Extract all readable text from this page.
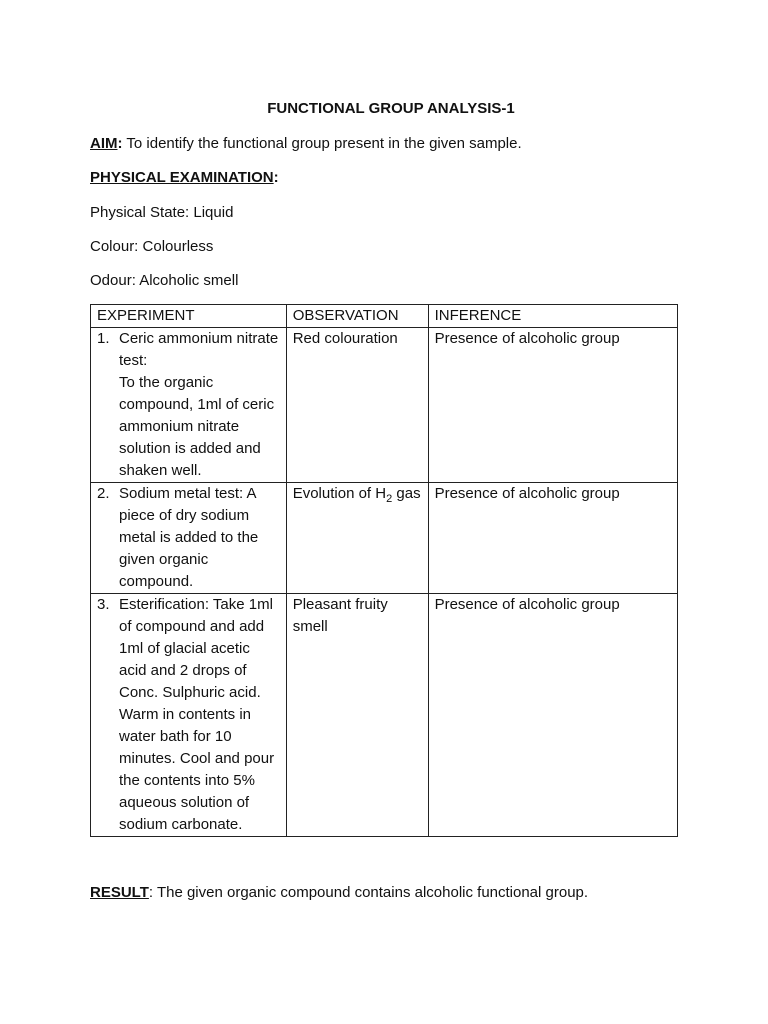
FUNCTIONAL GROUP ANALYSIS-1
AIM: To identify the functional group present in the given sample.
PHYSICAL EXAMINATION:
Physical State: Liquid
Colour: Colourless
Odour: Alcoholic smell
EXPERIMENT	OBSERVATION	INFERENCE

1. Ceric ammonium nitrate test:
To the organic compound, 1ml of ceric ammonium nitrate solution is added and shaken well.	Red colouration	Presence of alcoholic group

2. Sodium metal test: A piece of dry sodium metal is added to the given organic compound.	Evolution of $H_2$ gas	Presence of alcoholic group

3. Esterification: Take 1ml of compound and add 1ml of glacial acetic acid and 2 drops of Conc. Sulphuric acid. Warm in contents in water bath for 10 minutes. Cool and pour the contents into 5% aqueous solution of sodium carbonate.	Pleasant fruity smell	Presence of alcoholic group
RESULT: The given organic compound contains alcoholic functional group.
